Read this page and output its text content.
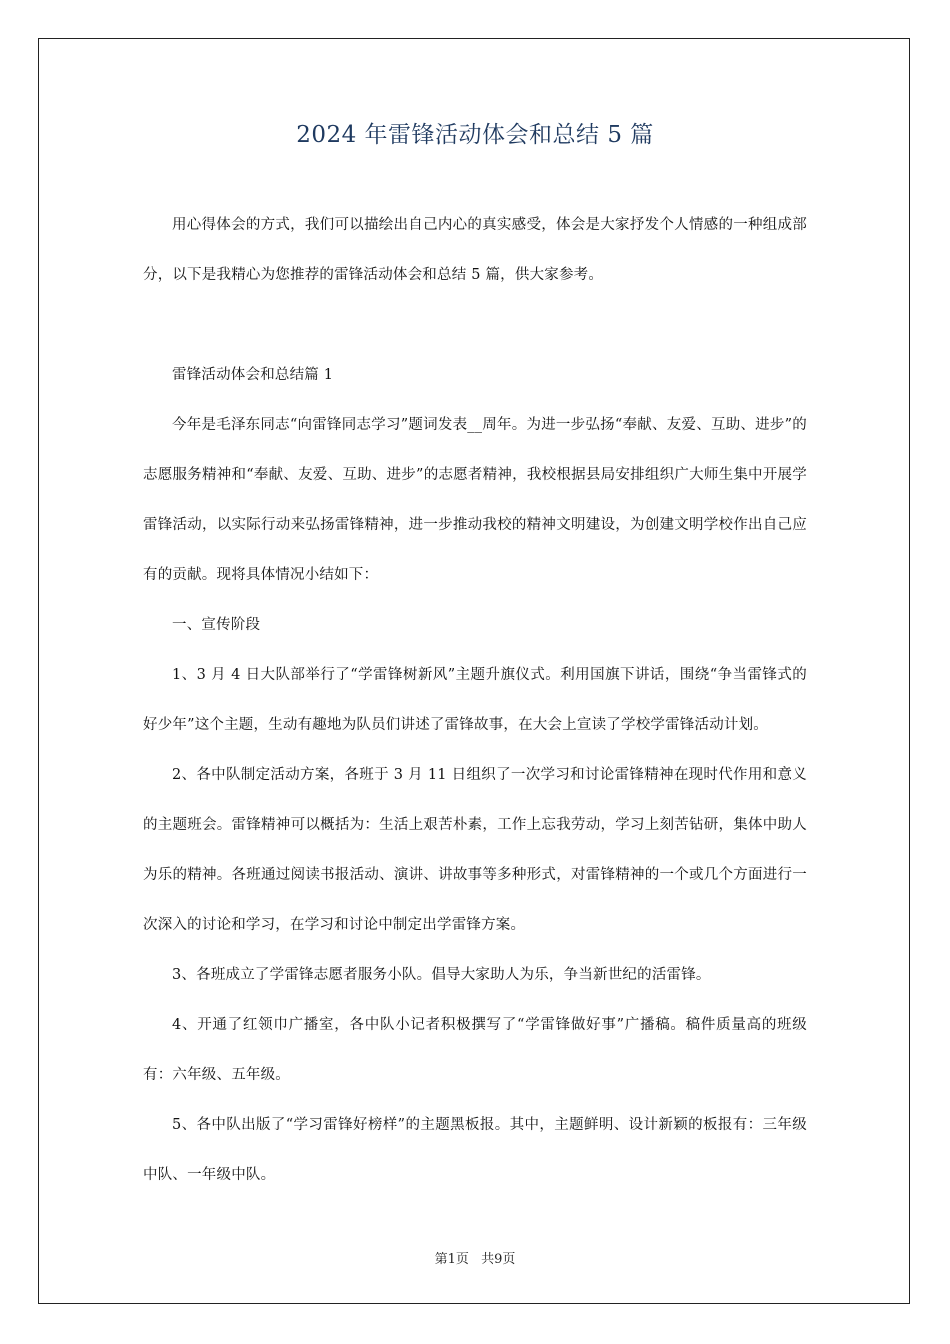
2024 年雷锋活动体会和总结 5 篇

用心得体会的方式，我们可以描绘出自己内心的真实感受，体会是大家抒发个人情感的一种组成部分，以下是我精心为您推荐的雷锋活动体会和总结 5 篇，供大家参考。

雷锋活动体会和总结篇 1

今年是毛泽东同志“向雷锋同志学习”题词发表__周年。为进一步弘扬“奉献、友爱、互助、进步”的志愿服务精神和“奉献、友爱、互助、进步”的志愿者精神，我校根据县局安排组织广大师生集中开展学雷锋活动，以实际行动来弘扬雷锋精神，进一步推动我校的精神文明建设，为创建文明学校作出自己应有的贡献。现将具体情况小结如下：

一、宣传阶段

1、3 月 4 日大队部举行了“学雷锋树新风”主题升旗仪式。利用国旗下讲话，围绕“争当雷锋式的好少年”这个主题，生动有趣地为队员们讲述了雷锋故事，在大会上宣读了学校学雷锋活动计划。

2、各中队制定活动方案，各班于 3 月 11 日组织了一次学习和讨论雷锋精神在现时代作用和意义的主题班会。雷锋精神可以概括为：生活上艰苦朴素，工作上忘我劳动，学习上刻苦钻研，集体中助人为乐的精神。各班通过阅读书报活动、演讲、讲故事等多种形式，对雷锋精神的一个或几个方面进行一次深入的讨论和学习，在学习和讨论中制定出学雷锋方案。

3、各班成立了学雷锋志愿者服务小队。倡导大家助人为乐，争当新世纪的活雷锋。

4、开通了红领巾广播室，各中队小记者积极撰写了“学雷锋做好事”广播稿。稿件质量高的班级有：六年级、五年级。

5、各中队出版了“学习雷锋好榜样”的主题黑板报。其中，主题鲜明、设计新颖的板报有：三年级中队、一年级中队。

第1页 共9页
